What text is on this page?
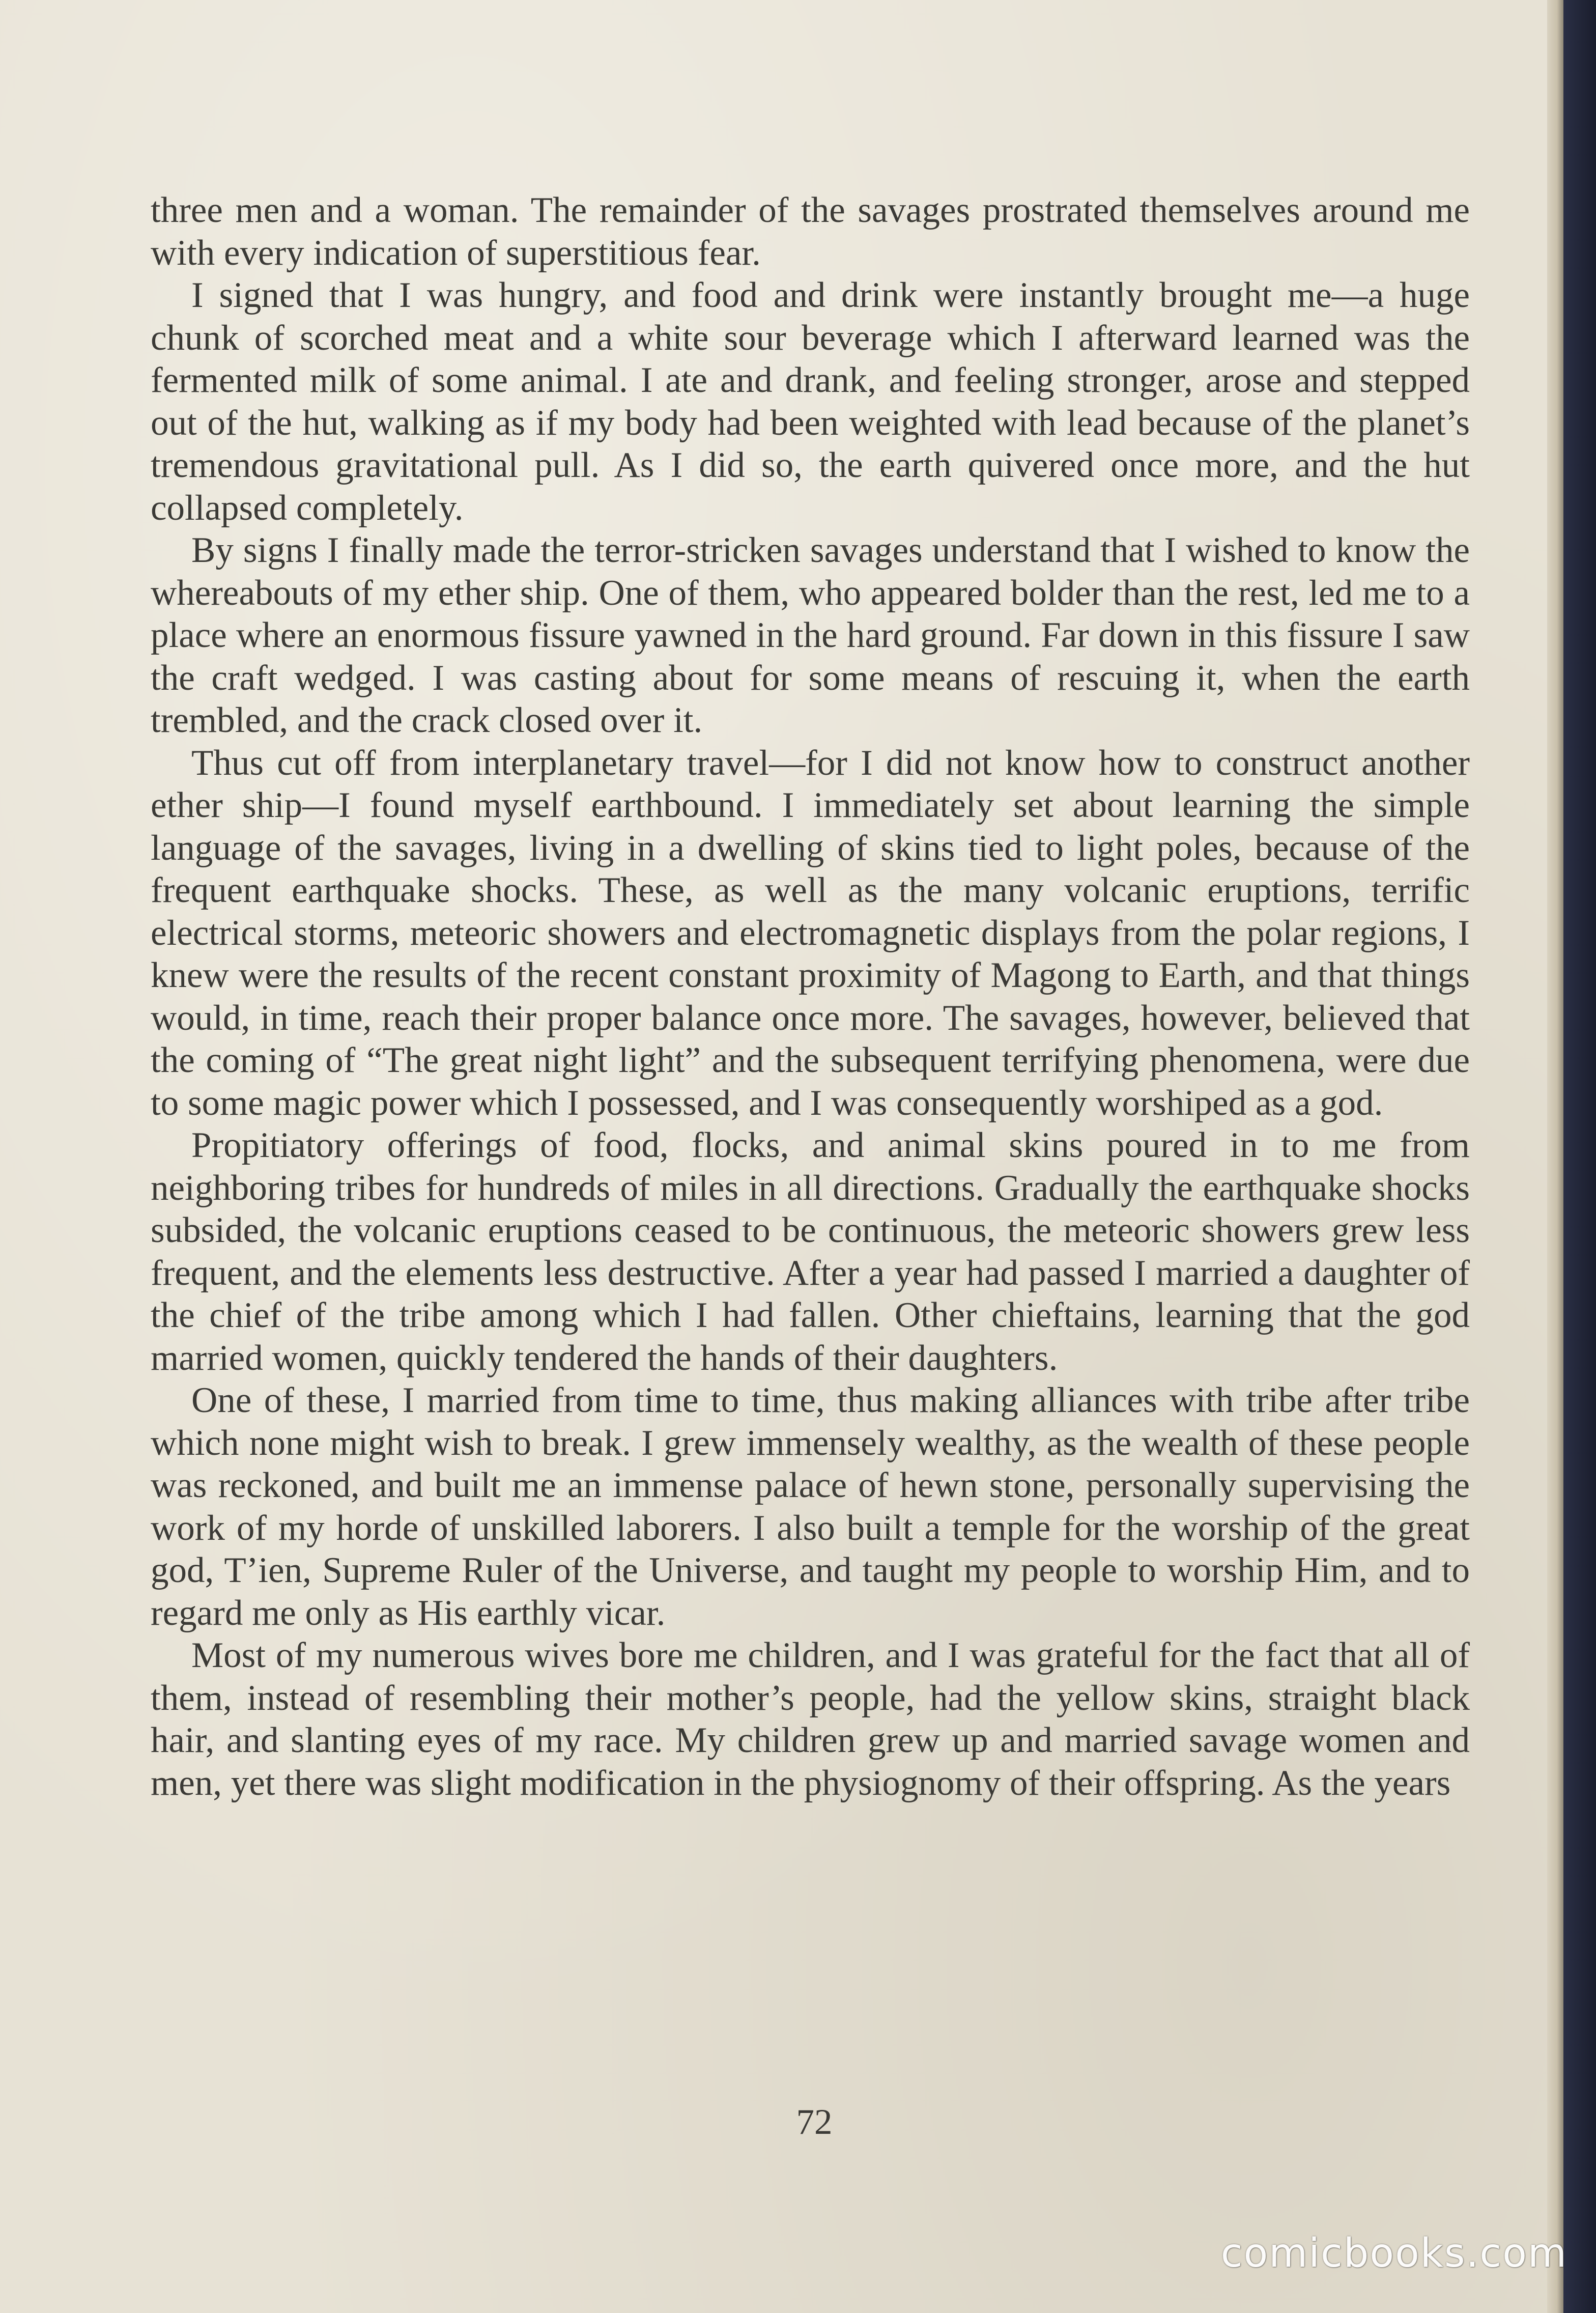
three men and a woman. The remainder of the savages prostrated themselves around me with every indication of superstitious fear.

I signed that I was hungry, and food and drink were instantly brought me—a huge chunk of scorched meat and a white sour beverage which I afterward learned was the fermented milk of some animal. I ate and drank, and feeling stronger, arose and stepped out of the hut, walking as if my body had been weighted with lead because of the planet’s tremendous gravitational pull. As I did so, the earth quivered once more, and the hut collapsed completely.

By signs I finally made the terror-stricken savages understand that I wished to know the whereabouts of my ether ship. One of them, who appeared bolder than the rest, led me to a place where an enormous fissure yawned in the hard ground. Far down in this fissure I saw the craft wedged. I was casting about for some means of rescuing it, when the earth trembled, and the crack closed over it.

Thus cut off from interplanetary travel—for I did not know how to construct another ether ship—I found myself earthbound. I immediately set about learning the simple language of the savages, living in a dwelling of skins tied to light poles, because of the frequent earthquake shocks. These, as well as the many volcanic eruptions, terrific electrical storms, meteoric showers and electromagnetic displays from the polar regions, I knew were the results of the recent constant proximity of Magong to Earth, and that things would, in time, reach their proper balance once more. The savages, however, believed that the coming of “The great night light” and the subsequent terrifying phenomena, were due to some magic power which I possessed, and I was consequently worshiped as a god.

Propitiatory offerings of food, flocks, and animal skins poured in to me from neighboring tribes for hundreds of miles in all directions. Gradually the earthquake shocks subsided, the volcanic eruptions ceased to be continuous, the meteoric showers grew less frequent, and the elements less destructive. After a year had passed I married a daughter of the chief of the tribe among which I had fallen. Other chieftains, learning that the god married women, quickly tendered the hands of their daughters.

One of these, I married from time to time, thus making alliances with tribe after tribe which none might wish to break. I grew immensely wealthy, as the wealth of these people was reckoned, and built me an immense palace of hewn stone, personally supervising the work of my horde of unskilled laborers. I also built a temple for the worship of the great god, T’ien, Supreme Ruler of the Universe, and taught my people to worship Him, and to regard me only as His earthly vicar.

Most of my numerous wives bore me children, and I was grateful for the fact that all of them, instead of resembling their mother’s people, had the yellow skins, straight black hair, and slanting eyes of my race. My children grew up and married savage women and men, yet there was slight modification in the physiognomy of their offspring. As the years

72
comicbooks.com
